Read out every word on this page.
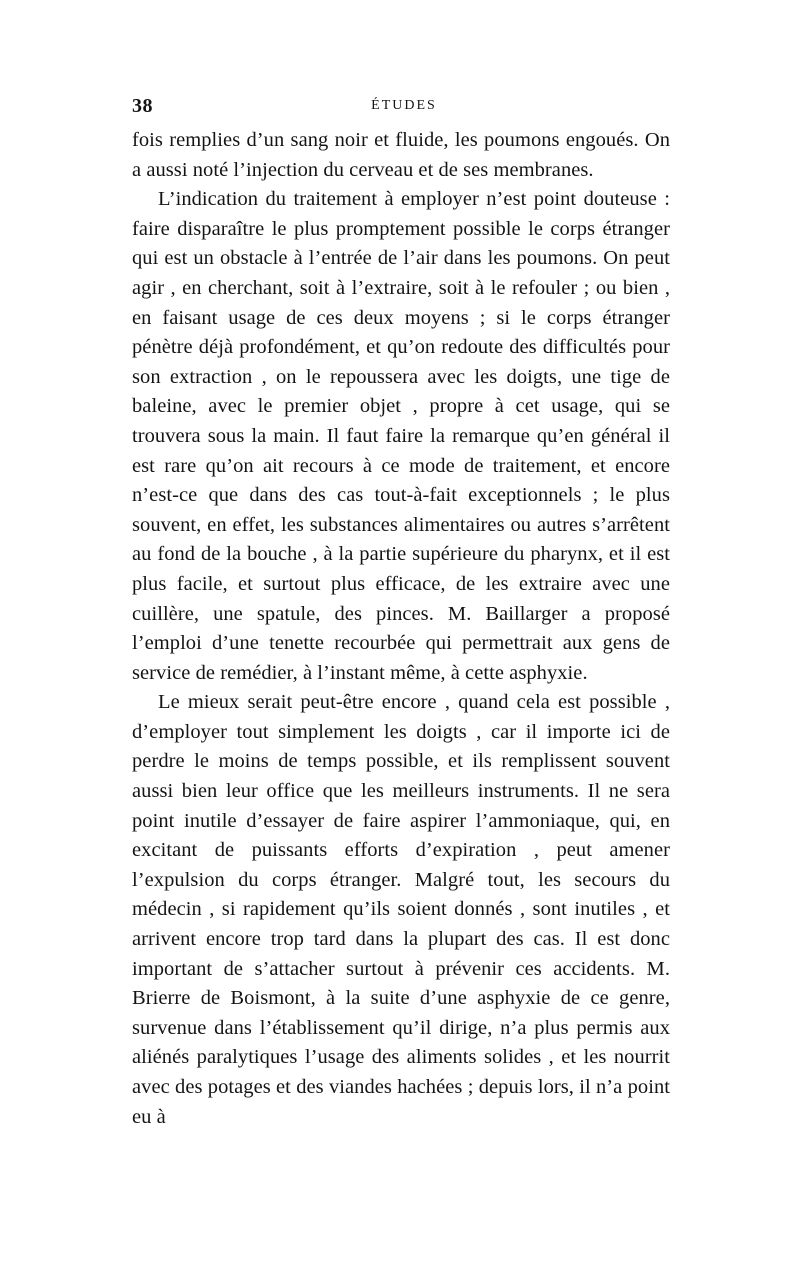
38	ÉTUDES

fois remplies d’un sang noir et fluide, les poumons engoués. On a aussi noté l’injection du cerveau et de ses membranes.

L’indication du traitement à employer n’est point douteuse : faire disparaître le plus promptement possible le corps étranger qui est un obstacle à l’entrée de l’air dans les poumons. On peut agir , en cherchant, soit à l’extraire, soit à le refouler ; ou bien , en faisant usage de ces deux moyens ; si le corps étranger pénètre déjà profondément, et qu’on redoute des difficultés pour son extraction , on le repoussera avec les doigts, une tige de baleine, avec le premier objet , propre à cet usage, qui se trouvera sous la main. Il faut faire la remarque qu’en général il est rare qu’on ait recours à ce mode de traitement, et encore n’est-ce que dans des cas tout-à-fait exceptionnels ; le plus souvent, en effet, les substances alimentaires ou autres s’arrêtent au fond de la bouche , à la partie supérieure du pharynx, et il est plus facile, et surtout plus efficace, de les extraire avec une cuillère, une spatule, des pinces. M. Baillarger a proposé l’emploi d’une tenette recourbée qui permettrait aux gens de service de remédier, à l’instant même, à cette asphyxie.

Le mieux serait peut-être encore , quand cela est possible , d’employer tout simplement les doigts , car il importe ici de perdre le moins de temps possible, et ils remplissent souvent aussi bien leur office que les meilleurs instruments. Il ne sera point inutile d’essayer de faire aspirer l’ammoniaque, qui, en excitant de puissants efforts d’expiration , peut amener l’expulsion du corps étranger. Malgré tout, les secours du médecin , si rapidement qu’ils soient donnés , sont inutiles , et arrivent encore trop tard dans la plupart des cas. Il est donc important de s’attacher surtout à prévenir ces accidents. M. Brierre de Boismont, à la suite d’une asphyxie de ce genre, survenue dans l’établissement qu’il dirige, n’a plus permis aux aliénés paralytiques l’usage des aliments solides , et les nourrit avec des potages et des viandes hachées ; depuis lors, il n’a point eu à
